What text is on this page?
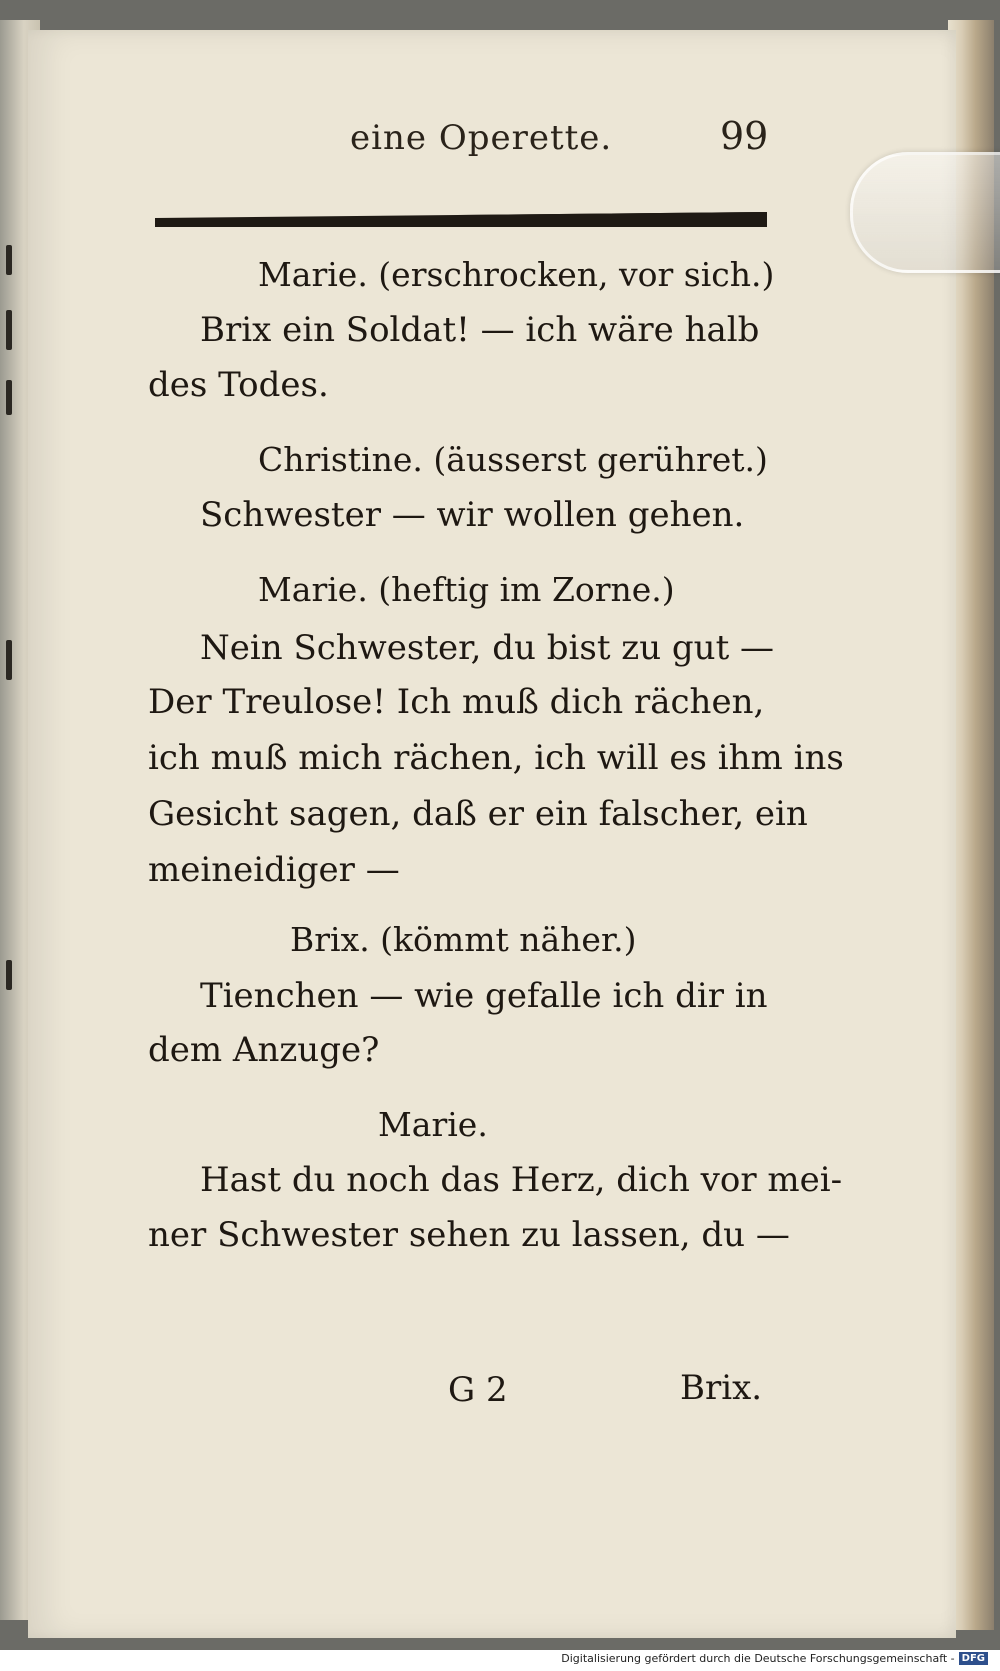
eine Operette.	99
Marie. (erschrocken, vor sich.)
Brix ein Soldat! — ich wäre halb
des Todes.
Christine. (äusserst gerühret.)
Schwester — wir wollen gehen.
Marie. (heftig im Zorne.)
Nein Schwester, du bist zu gut —
Der Treulose! Ich muß dich rächen,
ich muß mich rächen, ich will es ihm ins
Gesicht sagen, daß er ein falscher, ein
meineidiger —
Brix. (kömmt näher.)
Tienchen — wie gefalle ich dir in
dem Anzuge?
Marie.
Hast du noch das Herz, dich vor mei-
ner Schwester sehen zu lassen, du —
G 2	Brix.
Digitalisierung gefördert durch die Deutsche Forschungsgemeinschaft - DFG
